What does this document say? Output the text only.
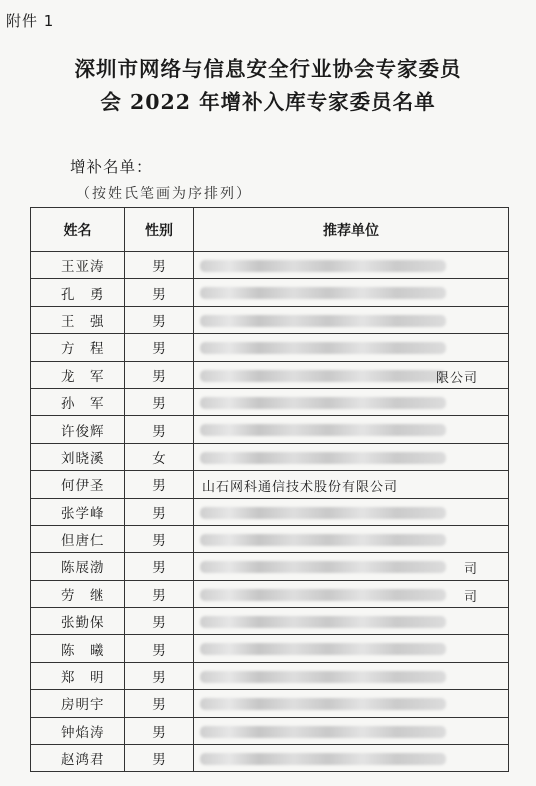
附件 1
深圳市网络与信息安全行业协会专家委员
会 2022 年增补入库专家委员名单
增补名单：
（按姓氏笔画为序排列）
姓名	性别	推荐单位
王亚涛	男	

孔　勇	男	

王　强	男	

方　程	男	

龙　军	男	限公司

孙　军	男	

许俊辉	男	

刘晓溪	女	

何伊圣	男	山石网科通信技术股份有限公司

张学峰	男	

但唐仁	男	

陈展渤	男	司

劳　继	男	司

张勤保	男	

陈　曦	男	

郑　明	男	

房明宇	男	

钟焰涛	男	

赵鸿君	男	
